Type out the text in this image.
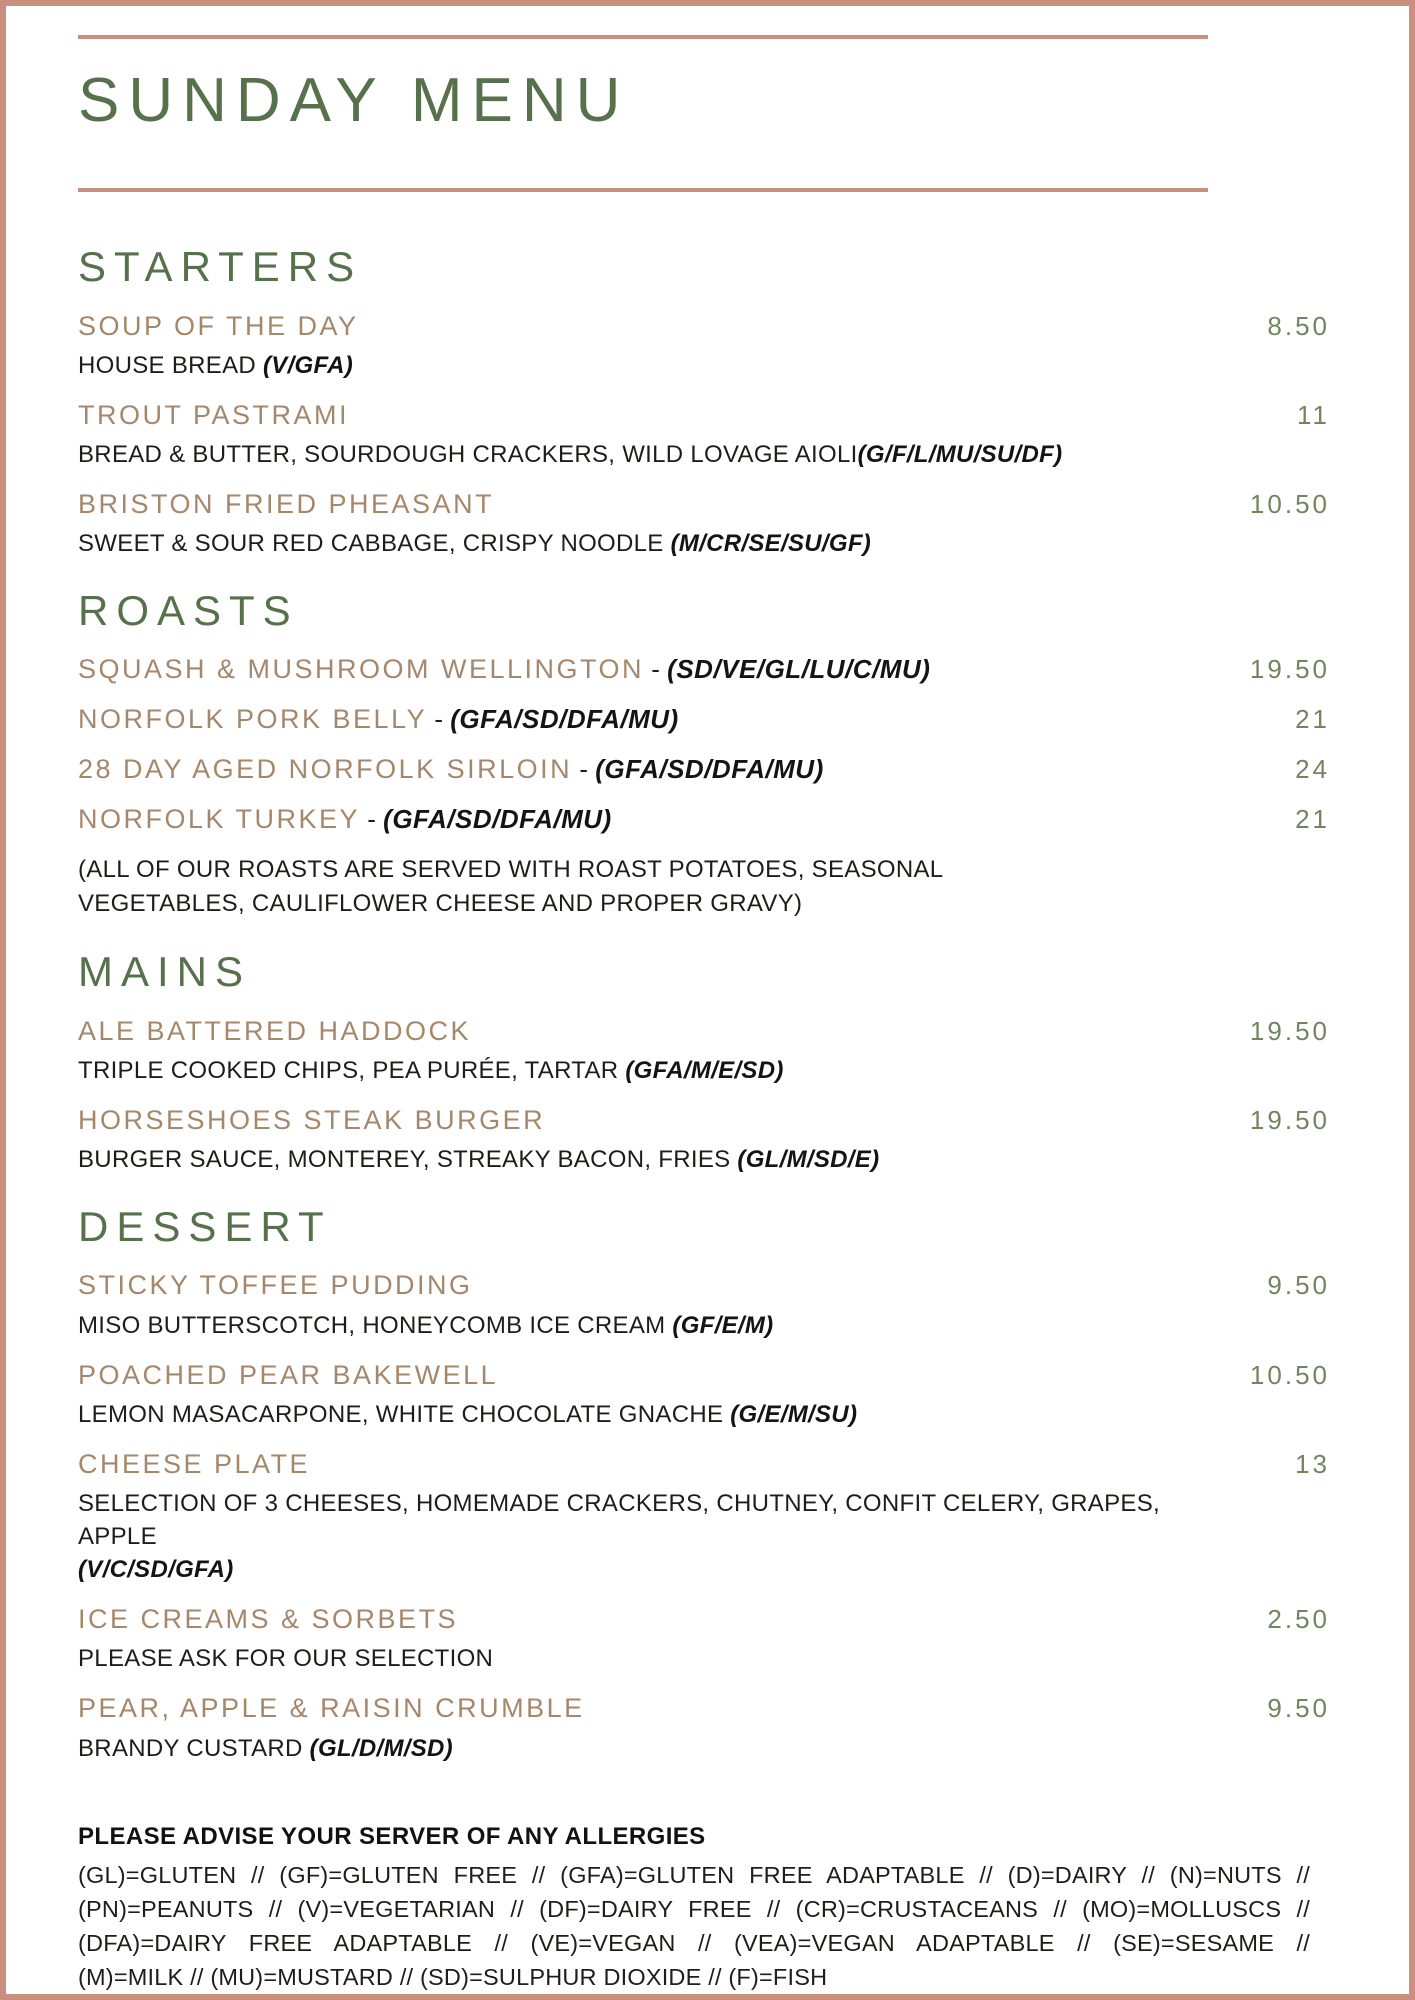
SUNDAY MENU
STARTERS
SOUP OF THE DAY	8.50
HOUSE BREAD (V/GFA)
TROUT PASTRAMI	11
BREAD & BUTTER, SOURDOUGH CRACKERS, WILD LOVAGE AIOLI(G/F/L/MU/SU/DF)
BRISTON FRIED PHEASANT	10.50
SWEET & SOUR RED CABBAGE, CRISPY NOODLE (M/CR/SE/SU/GF)
ROASTS
SQUASH & MUSHROOM WELLINGTON - (SD/VE/GL/LU/C/MU)	19.50
NORFOLK PORK BELLY - (GFA/SD/DFA/MU)	21
28 DAY AGED NORFOLK SIRLOIN - (GFA/SD/DFA/MU)	24
NORFOLK TURKEY - (GFA/SD/DFA/MU)	21

(ALL OF OUR ROASTS ARE SERVED WITH ROAST POTATOES, SEASONAL VEGETABLES, CAULIFLOWER CHEESE AND PROPER GRAVY)

MAINS
ALE BATTERED HADDOCK	19.50
TRIPLE COOKED CHIPS, PEA PURÉE, TARTAR (GFA/M/E/SD)
HORSESHOES STEAK BURGER	19.50
BURGER SAUCE, MONTEREY, STREAKY BACON, FRIES (GL/M/SD/E)
DESSERT
STICKY TOFFEE PUDDING	9.50
MISO BUTTERSCOTCH, HONEYCOMB ICE CREAM (GF/E/M)
POACHED PEAR BAKEWELL	10.50
LEMON MASACARPONE, WHITE CHOCOLATE GNACHE (G/E/M/SU)
CHEESE PLATE	13
SELECTION OF 3 CHEESES, HOMEMADE CRACKERS, CHUTNEY, CONFIT CELERY, GRAPES, APPLE
(V/C/SD/GFA)
ICE CREAMS & SORBETS	2.50
PLEASE ASK FOR OUR SELECTION
PEAR, APPLE & RAISIN CRUMBLE	9.50
BRANDY CUSTARD (GL/D/M/SD)
PLEASE ADVISE YOUR SERVER OF ANY ALLERGIES
(GL)=GLUTEN // (GF)=GLUTEN FREE // (GFA)=GLUTEN FREE ADAPTABLE // (D)=DAIRY // (N)=NUTS //
(PN)=PEANUTS // (V)=VEGETARIAN // (DF)=DAIRY FREE // (CR)=CRUSTACEANS // (MO)=MOLLUSCS //
(DFA)=DAIRY FREE ADAPTABLE // (VE)=VEGAN // (VEA)=VEGAN ADAPTABLE // (SE)=SESAME //
(M)=MILK // (MU)=MUSTARD // (SD)=SULPHUR DIOXIDE // (F)=FISH
